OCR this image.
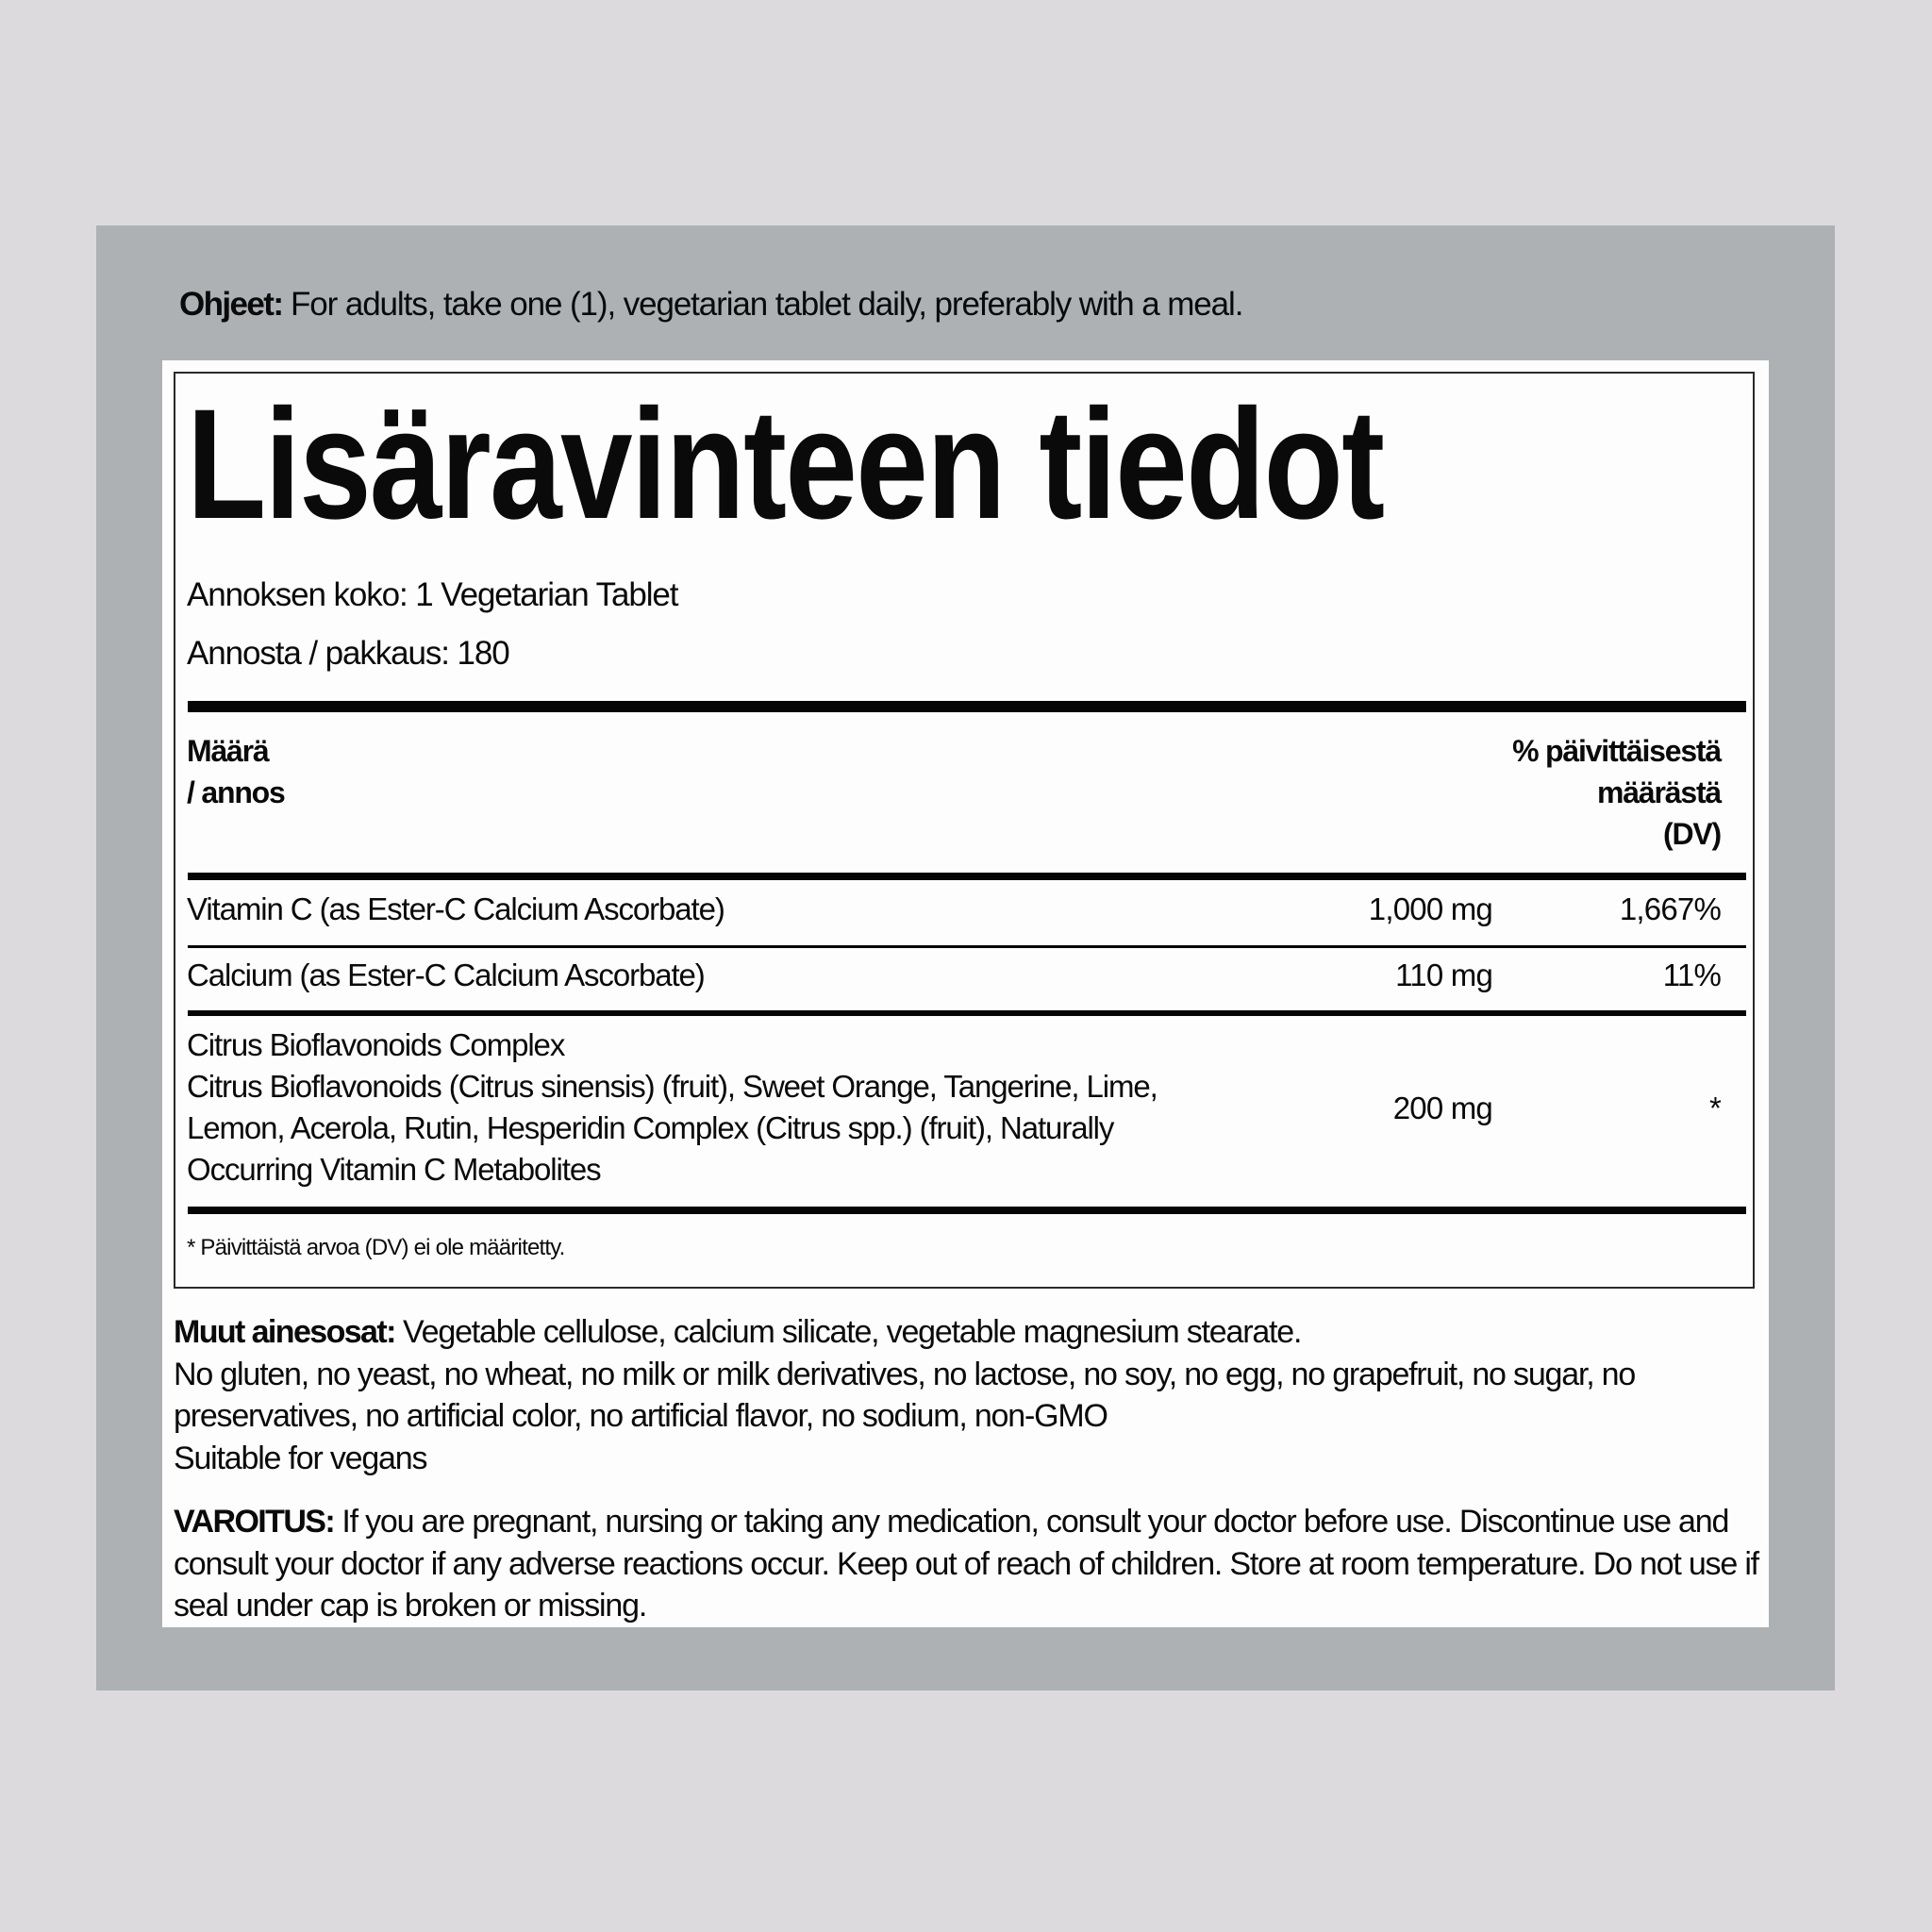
Ohjeet: For adults, take one (1), vegetarian tablet daily, preferably with a meal.
Lisäravinteen tiedot
Annoksen koko: 1 Vegetarian Tablet
Annosta / pakkaus: 180
Määrä
/ annos
% päivittäisestä
määrästä
(DV)
Vitamin C (as Ester-C Calcium Ascorbate)	1,000 mg	1,667%
Calcium (as Ester-C Calcium Ascorbate)	110 mg	11%
Citrus Bioflavonoids Complex
Citrus Bioflavonoids (Citrus sinensis) (fruit), Sweet Orange, Tangerine, Lime,
Lemon, Acerola, Rutin, Hesperidin Complex (Citrus spp.) (fruit), Naturally
Occurring Vitamin C Metabolites
200 mg	*
* Päivittäistä arvoa (DV) ei ole määritetty.
Muut ainesosat: Vegetable cellulose, calcium silicate, vegetable magnesium stearate.
No gluten, no yeast, no wheat, no milk or milk derivatives, no lactose, no soy, no egg, no grapefruit, no sugar, no
preservatives, no artificial color, no artificial flavor, no sodium, non-GMO
Suitable for vegans
VAROITUS: If you are pregnant, nursing or taking any medication, consult your doctor before use. Discontinue use and
consult your doctor if any adverse reactions occur. Keep out of reach of children. Store at room temperature. Do not use if
seal under cap is broken or missing.
